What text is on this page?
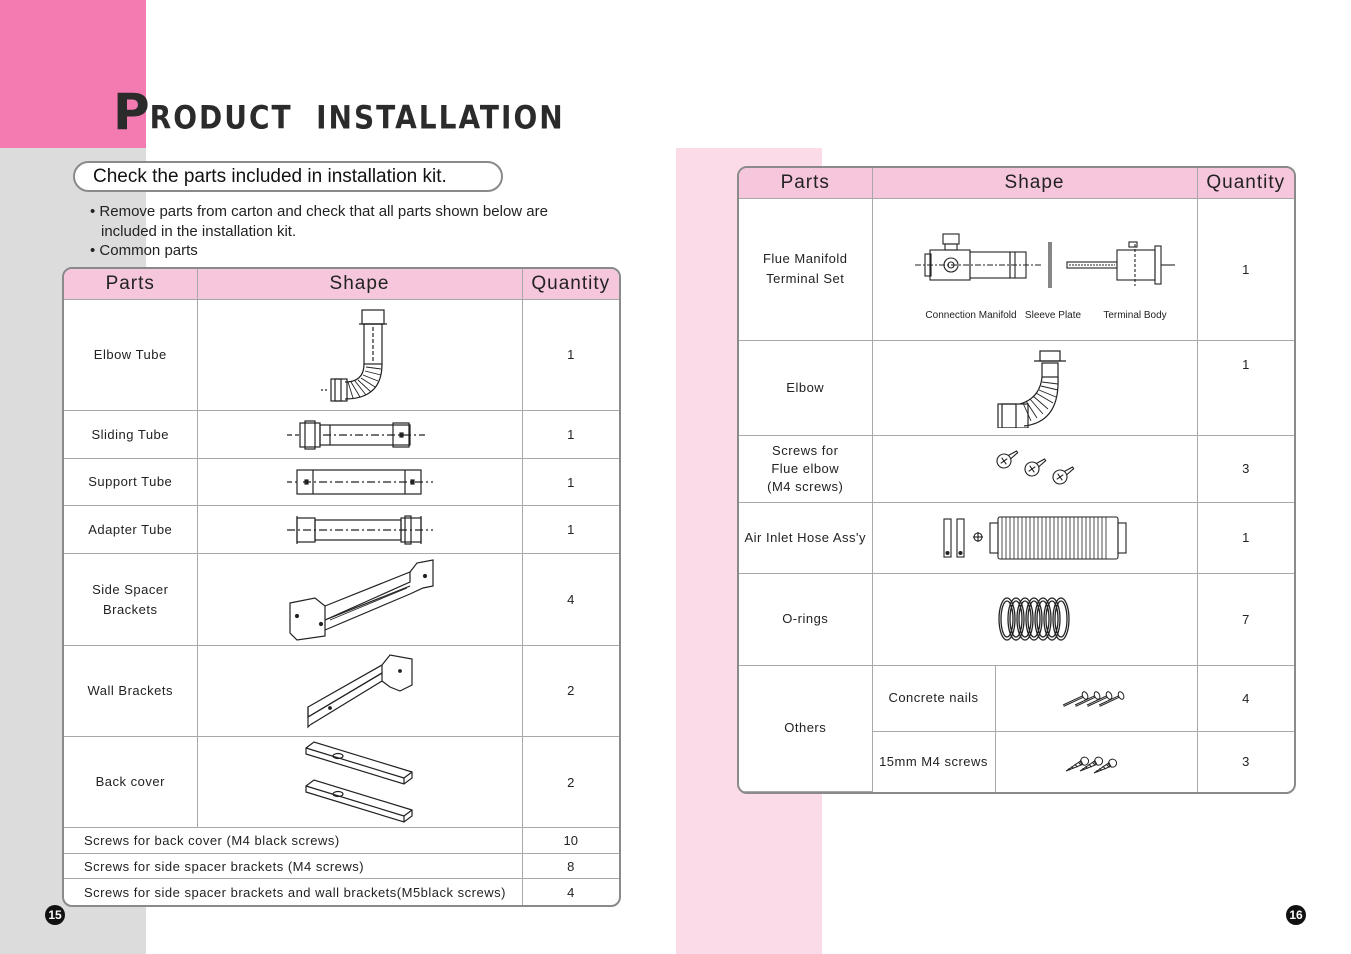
PRODUCT  INSTALLATION
Check the parts included in installation kit.
• Remove parts from carton and check that all parts shown below are
included in the installation kit.
• Common parts
Parts	Shape	Quantity
Elbow Tube		1
Sliding Tube		1
Support Tube		1
Adapter Tube		1
Side Spacer
Brackets		4
Wall Brackets		2
Back cover		2
Screws for back cover (M4 black screws)		10
Screws for side spacer brackets (M4 screws)		8
Screws for side spacer brackets and wall brackets(M5black screws)		4
Parts	Shape		Quantity
Flue Manifold
Terminal Set	Connection Manifold Sleeve Plate Terminal Body		1
Elbow			1
Screws for
Flue elbow
(M4 screws)			3
Air Inlet Hose Ass'y			1
O-rings			7
Others	Concrete nails		4
	15mm M4 screws		3
15	16
